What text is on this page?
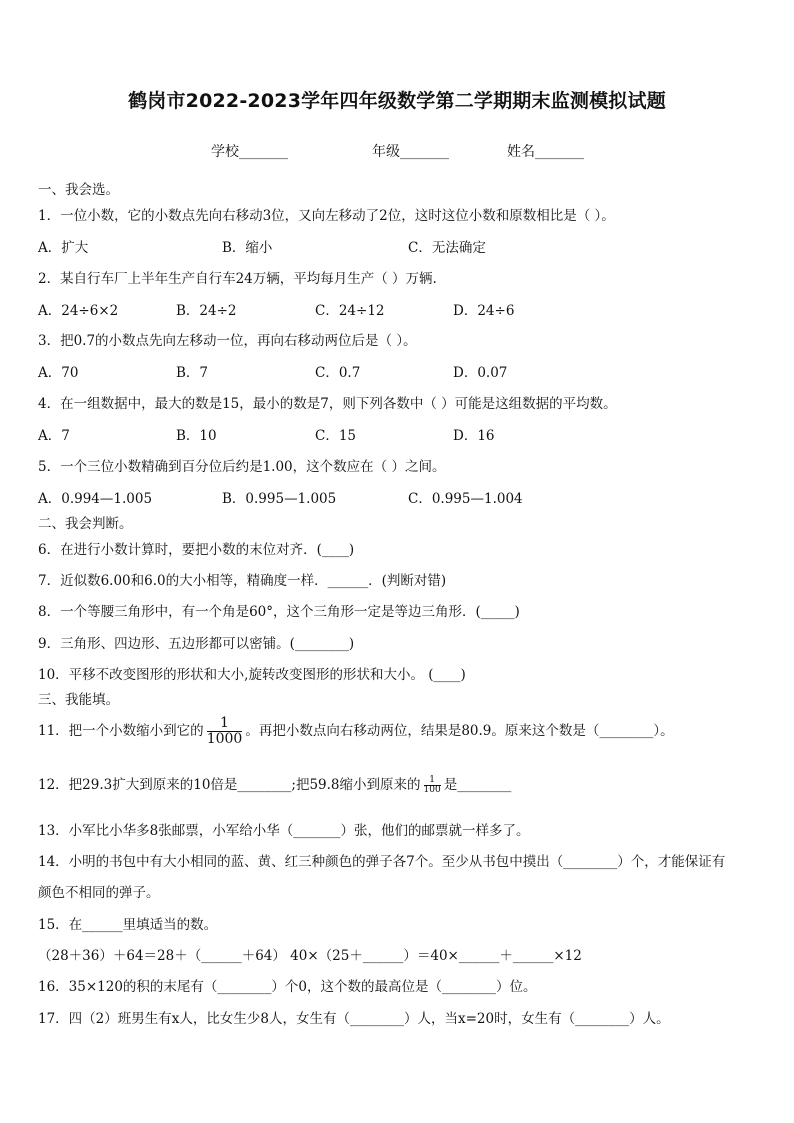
鹤岗市2022-2023学年四年级数学第二学期期末监测模拟试题
学校_______	年级_______	姓名_______
一、我会选。
1．一位小数，它的小数点先向右移动3位，又向左移动了2位，这时这位小数和原数相比是（ ）。
A．扩大	B．缩小	C．无法确定
2．某自行车厂上半年生产自行车24万辆，平均每月生产（ ）万辆.
A．24÷6×2	B．24÷2	C．24÷12	D．24÷6
3．把0.7的小数点先向左移动一位，再向右移动两位后是（ ）。
A．70	B．7	C．0.7	D．0.07
4．在一组数据中，最大的数是15，最小的数是7，则下列各数中（ ）可能是这组数据的平均数。
A．7	B．10	C．15	D．16
5．一个三位小数精确到百分位后约是1.00，这个数应在（ ）之间。
A．0.994—1.005	B．0.995—1.005	C．0.995—1.004
二、我会判断。
6．在进行小数计算时，要把小数的末位对齐．(____)
7．近似数6.00和6.0的大小相等，精确度一样．______．(判断对错)
8．一个等腰三角形中，有一个角是60°，这个三角形一定是等边三角形．(_____)
9．三角形、四边形、五边形都可以密铺。(________)
10．平移不改变图形的形状和大小,旋转改变图形的形状和大小。 (____)
三、我能填。
11．把一个小数缩小到它的 $\frac{1}{1000}$ 。再把小数点向右移动两位，结果是80.9。原来这个数是（________）。
12．把29.3扩大到原来的10倍是________;把59.8缩小到原来的 $\frac{1}{100}$ 是________
13．小军比小华多8张邮票，小军给小华（_______）张，他们的邮票就一样多了。
14．小明的书包中有大小相同的蓝、黄、红三种颜色的弹子各7个。至少从书包中摸出（________）个，才能保证有
颜色不相同的弹子。
15．在______里填适当的数。
（28＋36）＋64＝28＋（______＋64） 40×（25＋______）＝40×______＋______×12
16．35×120的积的末尾有（________）个0，这个数的最高位是（________）位。
17．四（2）班男生有x人，比女生少8人，女生有（________）人，当x=20时，女生有（________）人。
